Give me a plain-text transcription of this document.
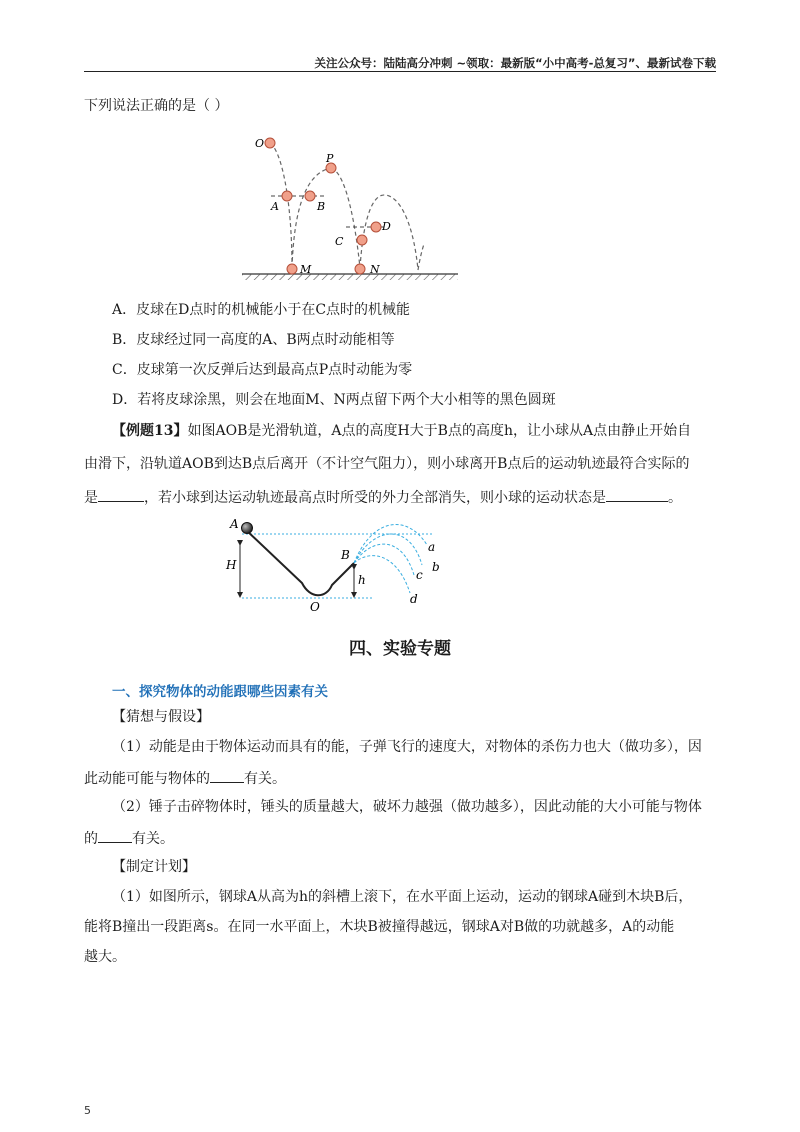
关注公众号：陆陆高分冲刺 ~领取：最新版“小中高考-总复习”、最新试卷下载
下列说法正确的是（ ）
O
P
A	B
C
D
M	N
A．皮球在D点时的机械能小于在C点时的机械能
B．皮球经过同一高度的A、B两点时动能相等
C．皮球第一次反弹后达到最高点P点时动能为零
D．若将皮球涂黑，则会在地面M、N两点留下两个大小相等的黑色圆斑
【例题13】如图AOB是光滑轨道，A点的高度H大于B点的高度h，让小球从A点由静止开始自
由滑下，沿轨道AOB到达B点后离开（不计空气阻力），则小球离开B点后的运动轨迹最符合实际的
是	，若小球到达运动轨迹最高点时所受的外力全部消失，则小球的运动状态是	。
A
H
O
B
h
a
b
c
d
四、实验专题
一、探究物体的动能跟哪些因素有关
【猜想与假设】
（1）动能是由于物体运动而具有的能，子弹飞行的速度大，对物体的杀伤力也大（做功多），因
此动能可能与物体的 有关。
（2）锤子击碎物体时，锤头的质量越大，破坏力越强（做功越多），因此动能的大小可能与物体
的 有关。
【制定计划】
（1）如图所示，钢球A从高为h的斜槽上滚下，在水平面上运动，运动的钢球A碰到木块B后，
能将B撞出一段距离s。在同一水平面上，木块B被撞得越远，钢球A对B做的功就越多，A的动能
越大。
5
